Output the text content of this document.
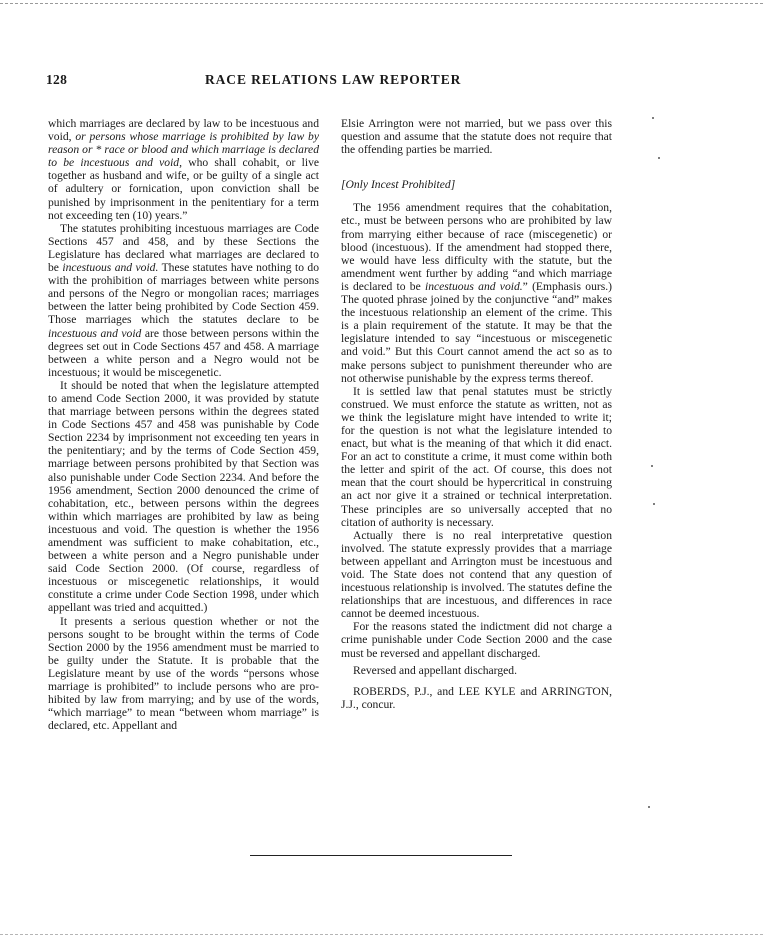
128	RACE RELATIONS LAW REPORTER

which marriages are declared by law to be incestuous and void, or persons whose marriage is prohibited by law by reason or * race or blood and which marriage is declared to be incestuous and void, who shall cohabit, or live together as husband and wife, or be guilty of a single act of adultery or fornication, upon conviction shall be punished by imprisonment in the penitentiary for a term not exceeding ten (10) years.”

The statutes prohibiting incestuous marriages are Code Sections 457 and 458, and by these Sections the Legislature has declared what marriages are declared to be incestuous and void. These statutes have nothing to do with the prohibition of marriages between white persons and persons of the Negro or mongolian races; marriages between the latter being prohibited by Code Section 459. Those marriages which the statutes declare to be incestuous and void are those between persons within the degrees set out in Code Sections 457 and 458. A marriage between a white person and a Negro would not be incestuous; it would be miscegenetic.

It should be noted that when the legislature attempted to amend Code Section 2000, it was provided by statute that marriage between persons within the degrees stated in Code Sections 457 and 458 was punishable by Code Section 2234 by imprisonment not exceeding ten years in the penitentiary; and by the terms of Code Section 459, marriage between persons prohibited by that Section was also punishable under Code Section 2234. And before the 1956 amendment, Section 2000 denounced the crime of cohabitation, etc., between persons within the degrees within which marriages are prohibited by law as being incestuous and void. The question is whether the 1956 amendment was sufficient to make cohabitation, etc., between a white person and a Negro punishable under said Code Section 2000. (Of course, regardless of incestuous or miscegenetic relationships, it would constitute a crime under Code Section 1998, under which appellant was tried and acquitted.)

It presents a serious question whether or not the persons sought to be brought within the terms of Code Section 2000 by the 1956 amendment must be married to be guilty under the Statute. It is probable that the Legislature meant by use of the words “persons whose marriage is prohibited” to include persons who are prohibited by law from marrying; and by use of the words, “which marriage” to mean “between whom marriage” is declared, etc. Appellant and

Elsie Arrington were not married, but we pass over this question and assume that the statute does not require that the offending parties be married.

[Only Incest Prohibited]

The 1956 amendment requires that the cohabitation, etc., must be between persons who are prohibited by law from marrying either because of race (miscegenetic) or blood (incestuous). If the amendment had stopped there, we would have less difficulty with the statute, but the amendment went further by adding “and which marriage is declared to be incestuous and void.” (Emphasis ours.) The quoted phrase joined by the conjunctive “and” makes the incestuous relationship an element of the crime. This is a plain requirement of the statute. It may be that the legislature intended to say “incestuous or miscegenetic and void.” But this Court cannot amend the act so as to make persons subject to punishment thereunder who are not otherwise punishable by the express terms thereof.

It is settled law that penal statutes must be strictly construed. We must enforce the statute as written, not as we think the legislature might have intended to write it; for the question is not what the legislature intended to enact, but what is the meaning of that which it did enact. For an act to constitute a crime, it must come within both the letter and spirit of the act. Of course, this does not mean that the court should be hypercritical in construing an act nor give it a strained or technical interpretation. These principles are so universally accepted that no citation of authority is necessary.

Actually there is no real interpretative question involved. The statute expressly provides that a marriage between appellant and Arrington must be incestuous and void. The State does not contend that any question of incestuous relationship is involved. The statutes define the relationships that are incestuous, and differences in race cannot be deemed incestuous.

For the reasons stated the indictment did not charge a crime punishable under Code Section 2000 and the case must be reversed and appellant discharged.

Reversed and appellant discharged.

ROBERDS, P.J., and LEE KYLE and ARRINGTON, J.J., concur.
